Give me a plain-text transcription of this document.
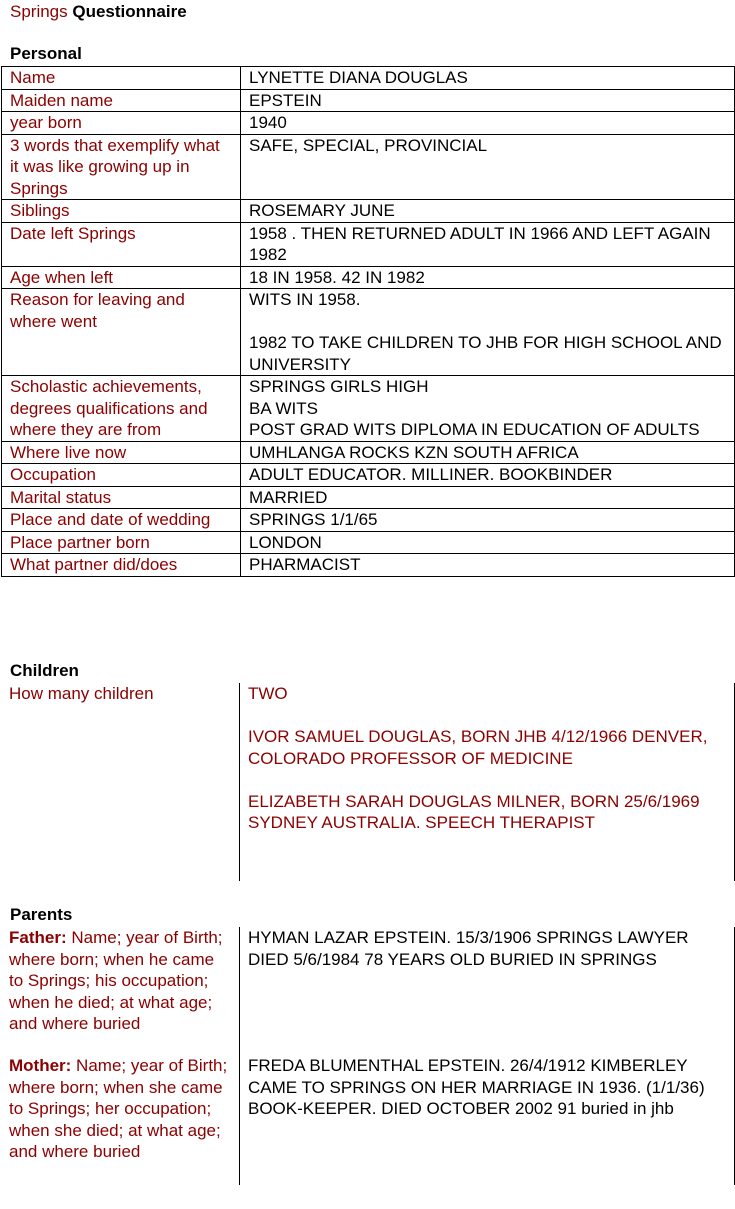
Springs Questionnaire
Personal
Name	LYNETTE DIANA DOUGLAS

Maiden name	EPSTEIN

year born	1940

3 words that exemplify what it was like growing up in Springs	SAFE, SPECIAL, PROVINCIAL

Siblings	ROSEMARY JUNE

Date left Springs	1958 . THEN RETURNED ADULT IN 1966 AND LEFT AGAIN 1982

Age when left	18 IN 1958. 42 IN 1982

Reason for leaving and where went	WITS IN 1958.

1982 TO TAKE CHILDREN TO JHB FOR HIGH SCHOOL AND UNIVERSITY

Scholastic achievements, degrees qualifications and where they are from	SPRINGS GIRLS HIGH
BA WITS
POST GRAD WITS DIPLOMA IN EDUCATION OF ADULTS

Where live now	UMHLANGA ROCKS KZN SOUTH AFRICA

Occupation	ADULT EDUCATOR. MILLINER. BOOKBINDER

Marital status	MARRIED

Place and date of wedding	SPRINGS 1/1/65

Place partner born	LONDON

What partner did/does	PHARMACIST
Children
How many children	TWO

IVOR SAMUEL DOUGLAS, BORN JHB 4/12/1966 DENVER, COLORADO PROFESSOR OF MEDICINE

ELIZABETH SARAH DOUGLAS MILNER, BORN 25/6/1969 SYDNEY AUSTRALIA. SPEECH THERAPIST
Parents
Father: Name; year of Birth; where born; when he came to Springs; his occupation; when he died; at what age; and where buried	HYMAN LAZAR EPSTEIN. 15/3/1906 SPRINGS LAWYER DIED 5/6/1984 78 YEARS OLD BURIED IN SPRINGS
Mother: Name; year of Birth; where born; when she came to Springs; her occupation; when she died; at what age; and where buried	FREDA BLUMENTHAL EPSTEIN. 26/4/1912 KIMBERLEY CAME TO SPRINGS ON HER MARRIAGE IN 1936. (1/1/36) BOOK-KEEPER. DIED OCTOBER 2002 91 buried in jhb
